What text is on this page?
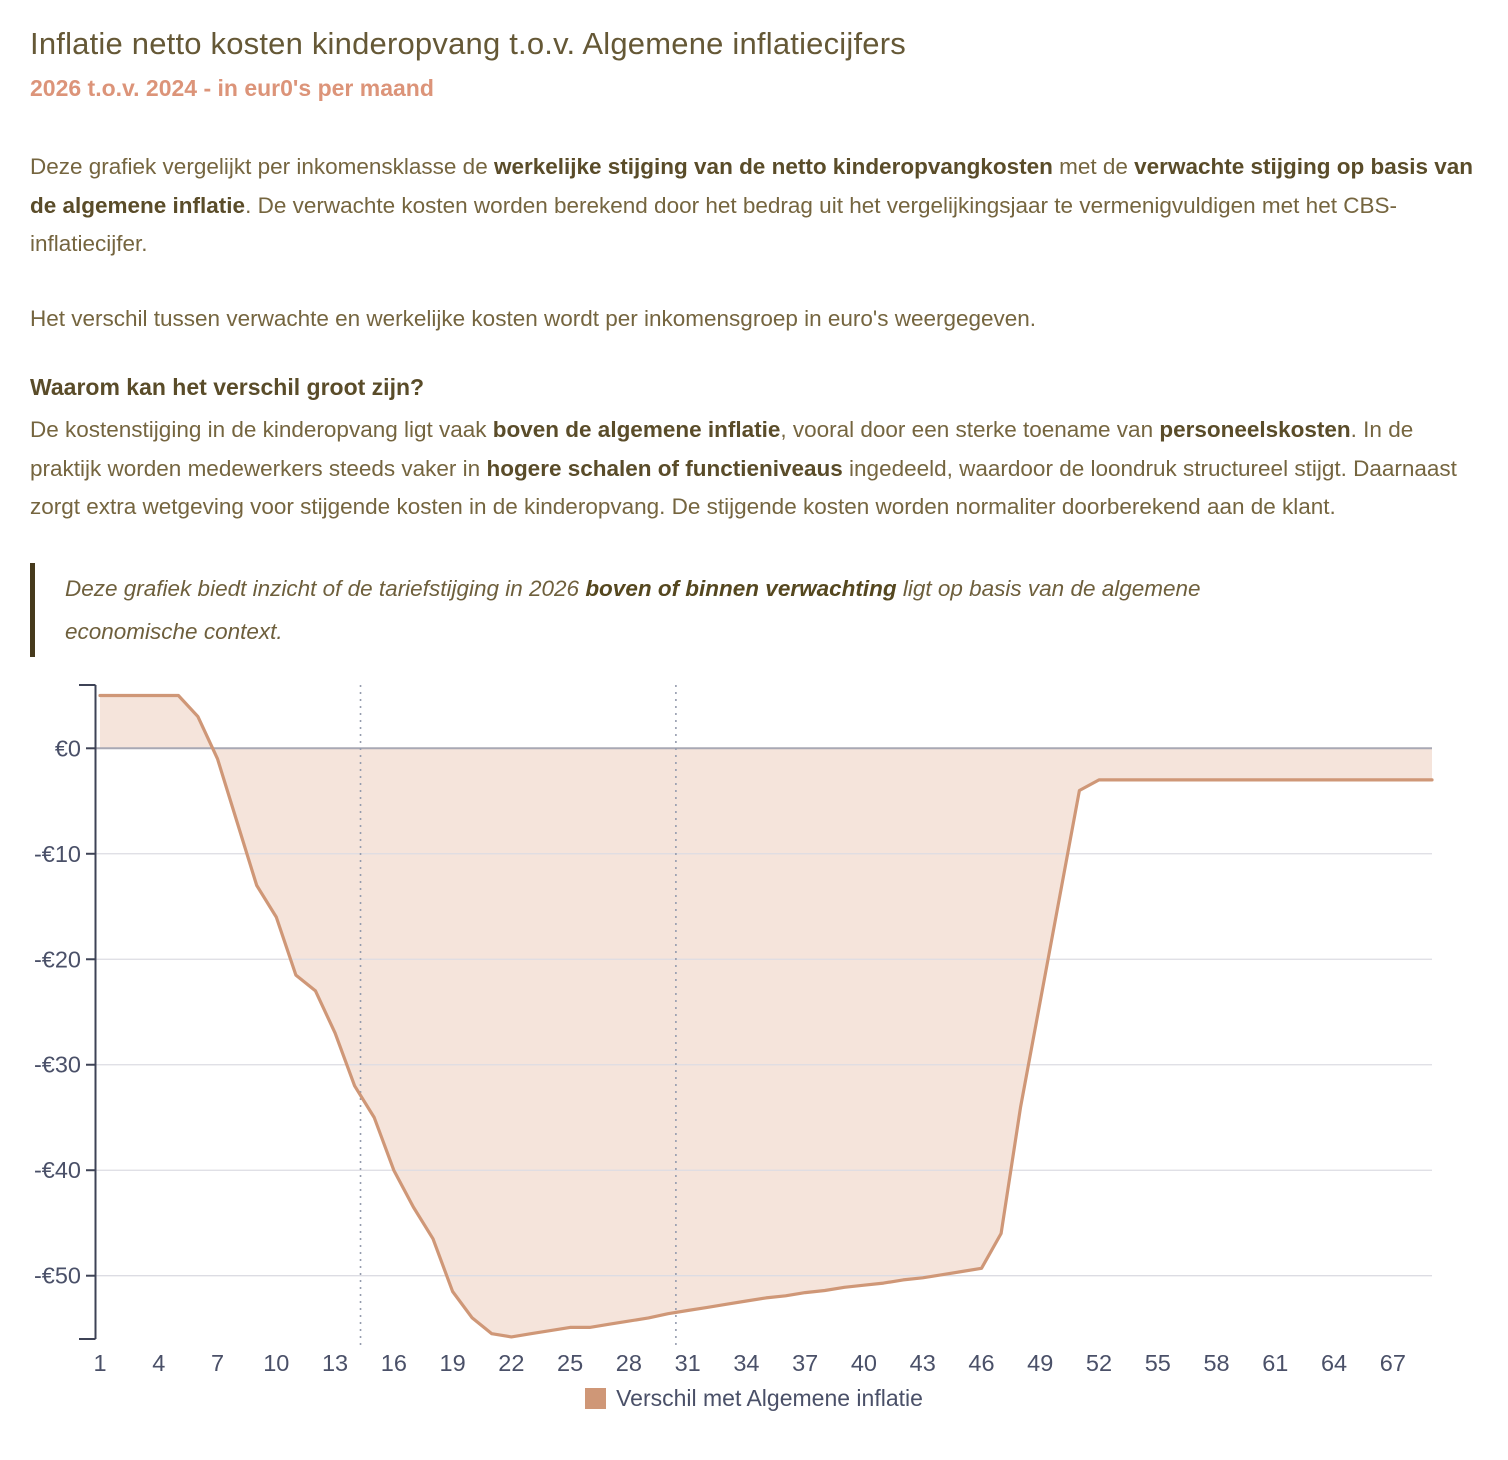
Inflatie netto kosten kinderopvang t.o.v. Algemene inflatiecijfers
2026 t.o.v. 2024 - in eur0's per maand

Deze grafiek vergelijkt per inkomensklasse de werkelijke stijging van de netto kinderopvangkosten met de verwachte stijging op basis van de algemene inflatie. De verwachte kosten worden berekend door het bedrag uit het vergelijkingsjaar te vermenigvuldigen met het CBS-inflatiecijfer.

Het verschil tussen verwachte en werkelijke kosten wordt per inkomensgroep in euro's weergegeven.

Waarom kan het verschil groot zijn?

De kostenstijging in de kinderopvang ligt vaak boven de algemene inflatie, vooral door een sterke toename van personeelskosten. In de praktijk worden medewerkers steeds vaker in hogere schalen of functieniveaus ingedeeld, waardoor de loondruk structureel stijgt. Daarnaast zorgt extra wetgeving voor stijgende kosten in de kinderopvang. De stijgende kosten worden normaliter doorberekend aan de klant.

Deze grafiek biedt inzicht of de tariefstijging in 2026 boven of binnen verwachting ligt op basis van de algemene economische context.
€0
-€10
-€20
-€30
-€40
-€50
1 4 7 10 13 16 19 22 25 28 31 34 37 40 43 46 49 52 55 58 61 64 67
Verschil met Algemene inflatie
